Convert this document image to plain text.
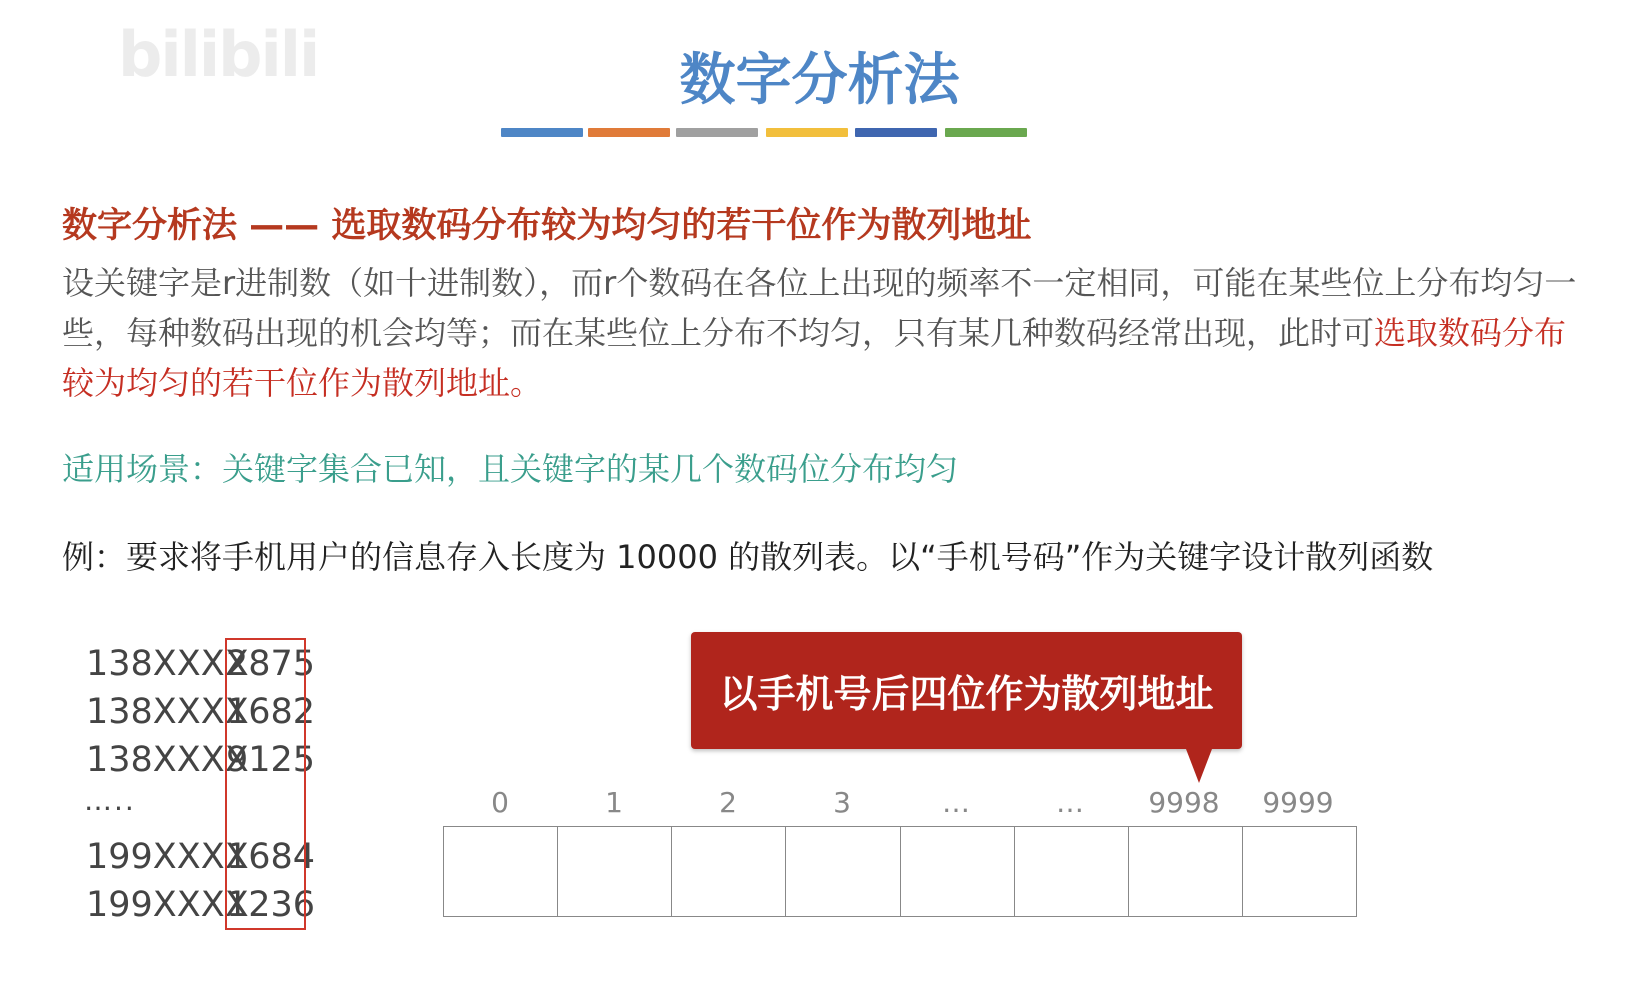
bilibili	数字分析法
数字分析法 —— 选取数码分布较为均匀的若干位作为散列地址
设关键字是r进制数（如十进制数），而r个数码在各位上出现的频率不一定相同，可能在某些位上分布均匀一些，每种数码出现的机会均等；而在某些位上分布不均匀，只有某几种数码经常出现，此时可选取数码分布较为均匀的若干位作为散列地址。
适用场景：关键字集合已知，且关键字的某几个数码位分布均匀
例：要求将手机用户的信息存入长度为 10000 的散列表。以“手机号码”作为关键字设计散列函数
138XXXX2875
138XXXX1682
138XXXX9125
199XXXX1684
199XXXX1236
…..
以手机号后四位作为散列地址
0	1	2	3	…	…	9998	9999
